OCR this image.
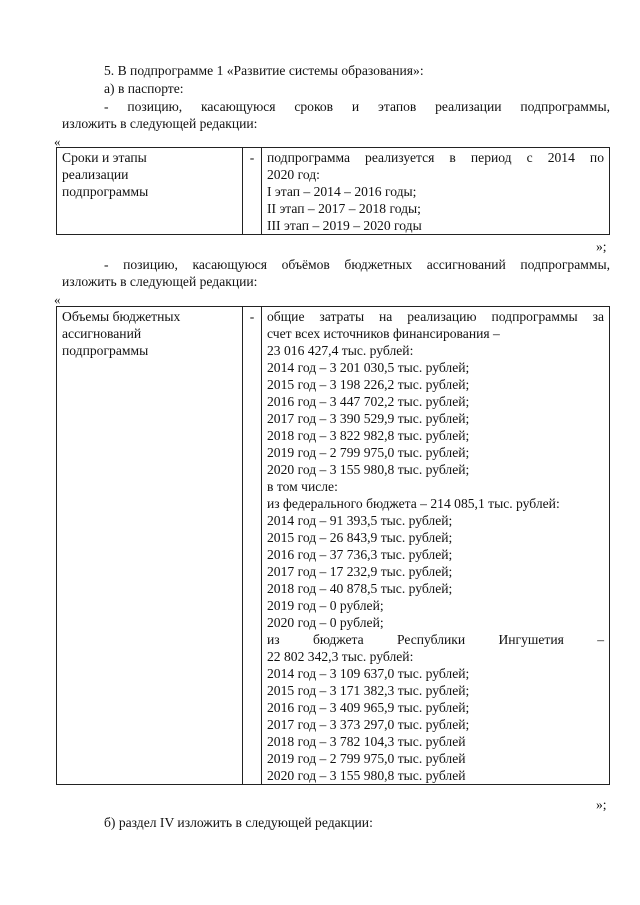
5. В подпрограмме 1 «Развитие системы образования»:
а) в паспорте:
- позицию, касающуюся сроков и этапов реализации подпрограммы,
изложить в следующей редакции:
«
Сроки и этапы
реализации
подпрограммы
	-	подпрограмма реализуется в период с 2014 по
2020 год:
I этап – 2014 – 2016 годы;
II этап – 2017 – 2018 годы;
III этап – 2019 – 2020 годы
»;
- позицию, касающуюся объёмов бюджетных ассигнований подпрограммы,
изложить в следующей редакции:
«
Объемы бюджетных
ассигнований
подпрограммы
	-	общие затраты на реализацию подпрограммы за
счет всех источников финансирования –
23 016 427,4 тыс. рублей:
2014 год – 3 201 030,5 тыс. рублей;
2015 год – 3 198 226,2 тыс. рублей;
2016 год – 3 447 702,2 тыс. рублей;
2017 год – 3 390 529,9 тыс. рублей;
2018 год – 3 822 982,8 тыс. рублей;
2019 год – 2 799 975,0 тыс. рублей;
2020 год – 3 155 980,8 тыс. рублей;
в том числе:
из федерального бюджета – 214 085,1 тыс. рублей:
2014 год – 91 393,5 тыс. рублей;
2015 год – 26 843,9 тыс. рублей;
2016 год – 37 736,3 тыс. рублей;
2017 год – 17 232,9 тыс. рублей;
2018 год – 40 878,5 тыс. рублей;
2019 год – 0 рублей;
2020 год – 0 рублей;
из бюджета Республики Ингушетия –
22 802 342,3 тыс. рублей:
2014 год – 3 109 637,0 тыс. рублей;
2015 год – 3 171 382,3 тыс. рублей;
2016 год – 3 409 965,9 тыс. рублей;
2017 год – 3 373 297,0 тыс. рублей;
2018 год – 3 782 104,3 тыс. рублей
2019 год – 2 799 975,0 тыс. рублей
2020 год – 3 155 980,8 тыс. рублей
»;
б) раздел IV изложить в следующей редакции:
